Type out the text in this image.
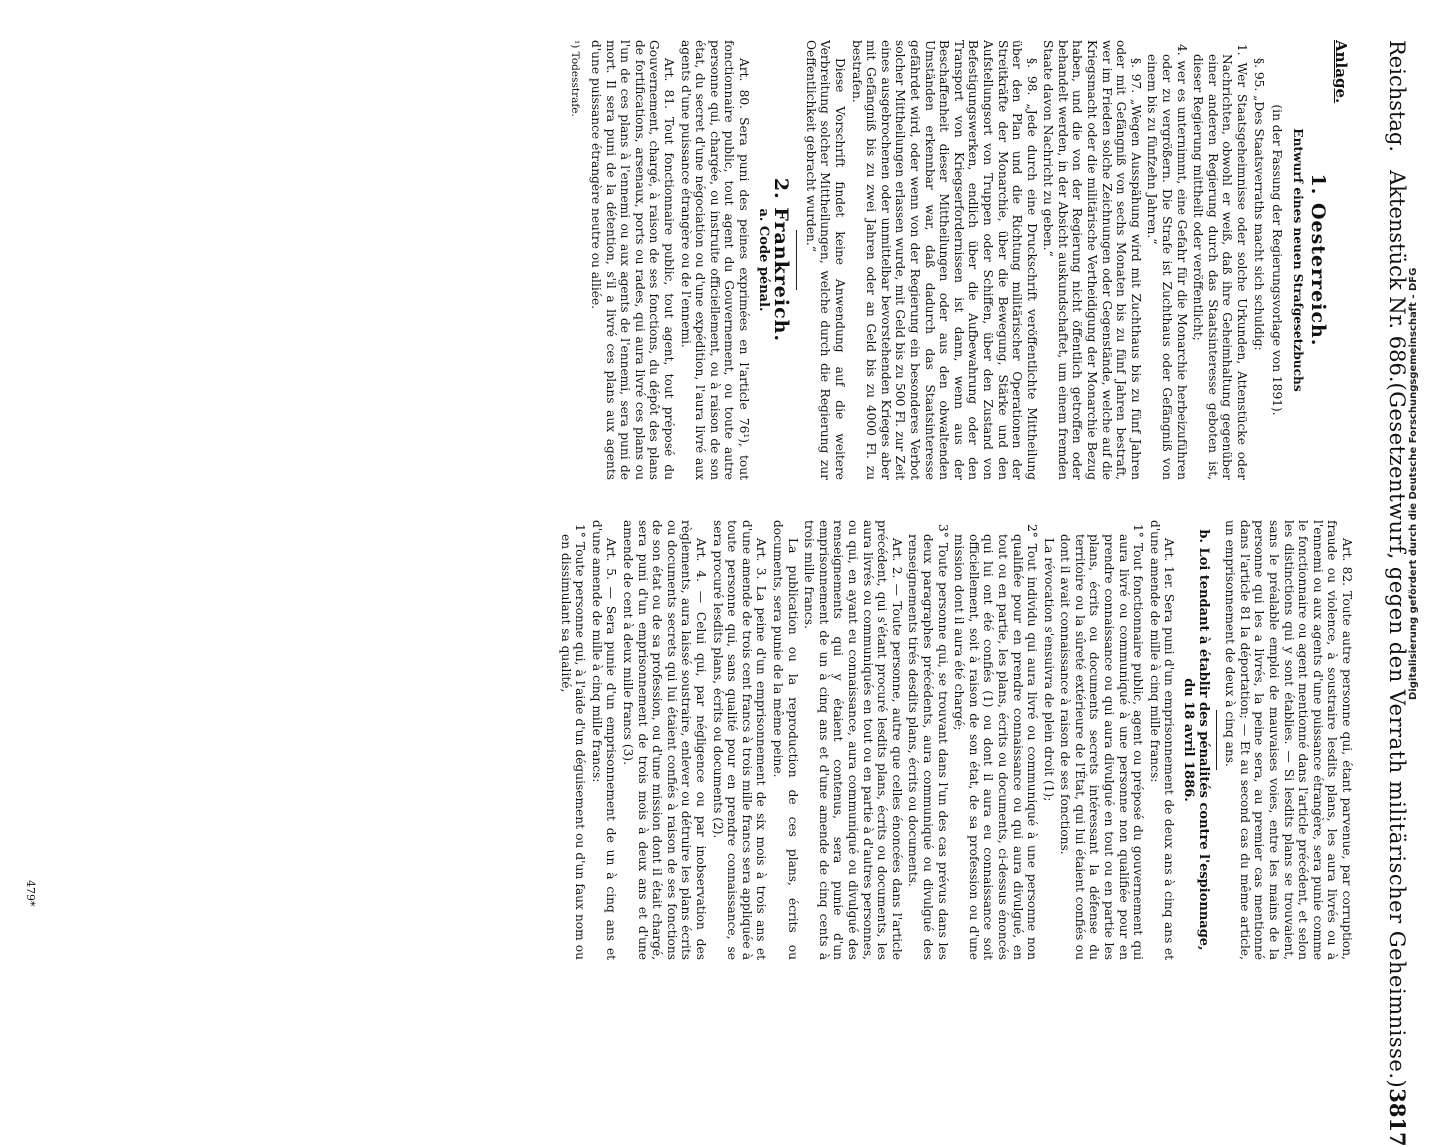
Reichstag.
Aktenstück Nr. 686.
(Gesetzentwurf, gegen den Verrath militärischer Geheimnisse.)
3817
Anlage.
1. Oesterreich.
Entwurf eines neuen Strafgesetzbuchs
(in der Fassung der Regierungsvorlage von 1891).

§. 95. „Des Staatsverraths macht sich schuldig:

1. Wer Staatsgeheimnisse oder solche Urkunden, Attenstücke oder Nachrichten, obwohl er weiß, daß ihre Geheimhaltung gegenüber einer anderen Regierung durch das Staatsinteresse geboten ist, dieser Regierung mittheilt oder veröffentlicht;

4. wer es unternimmt, eine Gefahr für die Monarchie herbeizuführen oder zu vergrößern. Die Strafe ist Zuchthaus oder Gefängniß von einem bis zu fünfzehn Jahren.“

§. 97. „Wegen Ausspähung wird mit Zuchthaus bis zu fünf Jahren oder mit Gefängniß von sechs Monaten bis zu fünf Jahren bestraft, wer im Frieden solche Zeichnungen oder Gegenstände, welche auf die Kriegsmacht oder die militärische Vertheidigung der Monarchie Bezug haben, und die von der Regierung nicht öffentlich getroffen oder behandelt werden, in der Absicht auskundschaftet, um einem fremden Staate davon Nachricht zu geben.“

§. 98. „Jede durch eine Druckschrift veröffentlichte Mittheilung über den Plan und die Richtung militärischer Operationen der Streitkräfte der Monarchie, über die Bewegung, Stärke und den Aufstellungsort von Truppen oder Schiffen, über den Zustand von Befestigungswerken, endlich über die Aufbewahrung oder den Transport von Kriegserfordernissen ist dann, wenn aus der Beschaffenheit dieser Mittheilungen oder aus den obwaltenden Umständen erkennbar war, daß dadurch das Staatsinteresse gefährdet wird, oder wenn von der Regierung ein besonderes Verbot solcher Mittheilungen erlassen wurde, mit Geld bis zu 500 Fl. zur Zeit eines ausgebrochenen oder unmittelbar bevorstehenden Krieges aber mit Gefängniß bis zu zwei Jahren oder an Geld bis zu 4000 Fl. zu bestrafen.

Diese Vorschrift findet keine Anwendung auf die weitere Verbreitung solcher Mittheilungen, welche durch die Regierung zur Oeffentlichkeit gebracht wurden.“

2. Frankreich.
a. Code pénal.

Art. 80. Sera puni des peines exprimées en l'article 76¹), tout fonctionnaire public, tout agent du Gouvernement, ou toute autre personne qui, chargée, ou instruite officiellement, ou à raison de son état, du secret d'une négociation ou d'une expédition, l'aura livré aux agents d'une puissance étrangère ou de l'ennemi.

Art. 81. Tout fonctionnaire public, tout agent, tout préposé du Gouvernement, chargé, à raison de ses fonctions, du dépôt des plans de fortifications, arsenaux, ports ou rades, qui aura livré ces plans ou l'un de ces plans à l'ennemi ou aux agents de l'ennemi, sera puni de mort. Il sera puni de la détention, s'il a livré ces plans aux agents d'une puissance étrangère neutre ou alliée.

¹) Todesstrafe.

Art. 82. Toute autre personne qui, étant parvenue, par corruption, fraude ou violence, à soustraire lesdits plans, les aura livrés ou à l'ennemi ou aux agents d'une puissance étrangère, sera punie comme le fonctionnaire ou agent mentionné dans l'article précédent, et selon les distinctions qui y sont établies. — Si lesdits plans se trouvaient, sans le préalable emploi de mauvaises voies, entre les mains de la personne qui les a livrés, la peine sera, au premier cas mentionné dans l'article 81 la déportation; — Et au second cas du même article, un emprisonnement de deux à cinq ans.

b. Loi tendant à établir des pénalités contre l'espionnage, du 18 avril 1886.

Art. 1er. Sera puni d'un emprisonnement de deux ans à cinq ans et d'une amende de mille à cinq mille francs:

1° Tout fonctionnaire public, agent ou préposé du gouvernement qui aura livré ou communiqué à une personne non qualifiée pour en prendre connaissance ou qui aura divulgué en tout ou en partie les plans, écrits ou documents secrets intéressant la défense du territoire ou la sûreté extérieure de l'État, qui lui étaient confiés ou dont il avait connaissance à raison de ses fonctions.

La révocation s'ensuivra de plein droit (1);

2° Tout individu qui aura livré ou communiqué à une personne non qualifiée pour en prendre connaissance ou qui aura divulgué, en tout ou en partie, les plans, écrits ou documents, ci-dessus énoncés qui lui ont été confiés (1) ou dont il aura eu connaissance soit officiellement, soit à raison de son état, de sa profession ou d'une mission dont il aura été chargé;

3° Toute personne qui, se trouvant dans l'un des cas prévus dans les deux paragraphes précédents, aura communiqué ou divulgué des renseignements tirés desdits plans, écrits ou documents.

Art. 2. — Toute personne, autre que celles énoncées dans l'article précédent, qui s'étant procuré lesdits plans, écrits ou documents, les aura livrés ou communiqués en tout ou en partie à d'autres personnes, ou qui, en ayant eu connaissance, aura communiqué ou divulgué des renseignements qui y étaient contenus, sera punie d'un emprisonnement de un à cinq ans et d'une amende de cinq cents à trois mille francs.

La publication ou la reproduction de ces plans, écrits ou documents, sera punie de la même peine.

Art. 3. La peine d'un emprisonnement de six mois à trois ans et d'une amende de trois cent francs à trois mille francs sera appliquée à toute personne qui, sans qualité pour en prendre connaissance, se sera procuré lesdits plans, écrits ou documents (2).

Art. 4. — Celui qui, par négligence ou par inobservation des règlements, aura laissé soustraire, enlever ou détruire les plans écrits ou documents secrets qui lui étaient confiés à raison de ses fonctions de son état ou de sa profession, ou d'une mission dont il était chargé, sera puni d'un emprisonnement de trois mois à deux ans et d'une amende de cent à deux mille francs (3).

Art. 5. — Sera punie d'un emprisonnement de un à cinq ans et d'une amende de mille à cinq mille francs:

1° Toute personne qui, à l'aide d'un déguisement ou d'un faux nom ou en dissimulant sa qualité,

479*
Digitalisierung gefördert durch die Deutsche Forschungsgemeinschaft - DFG
